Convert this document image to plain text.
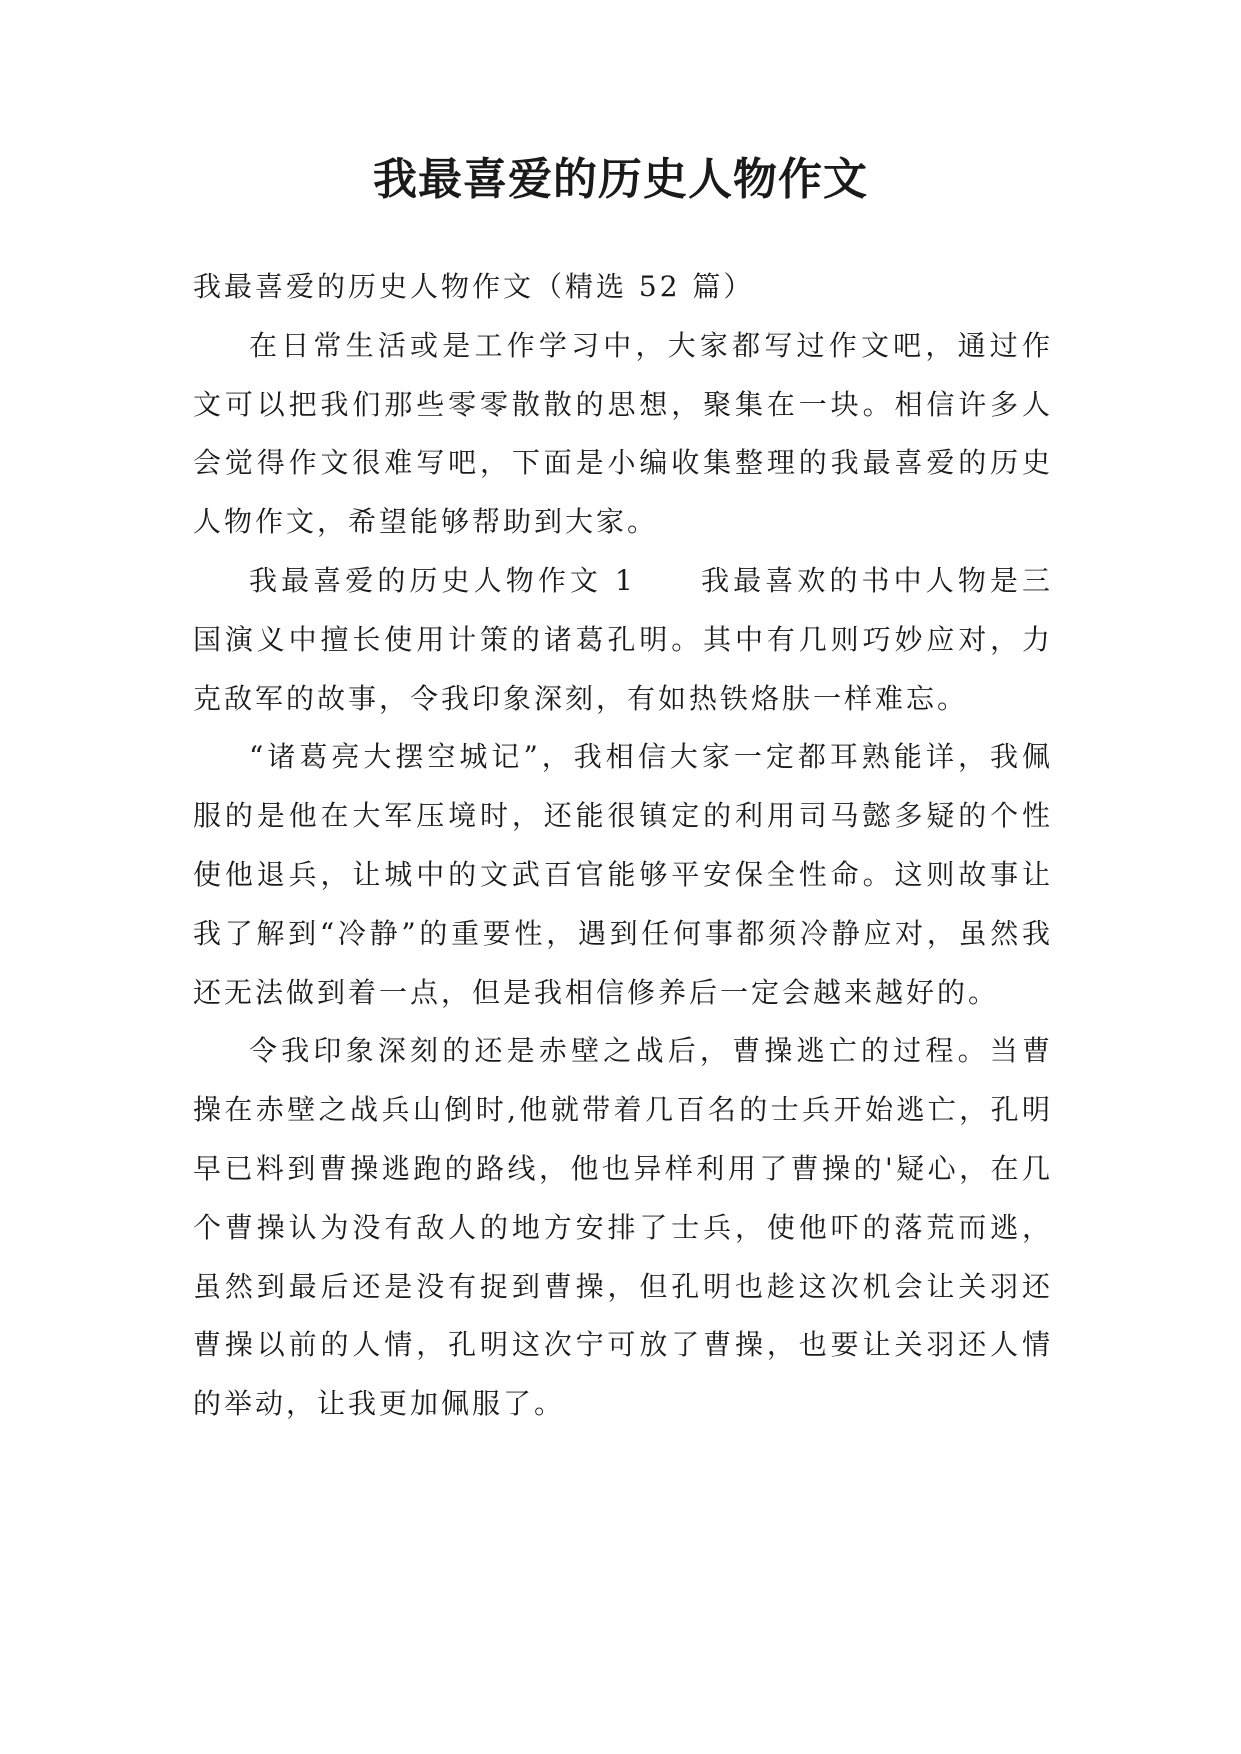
我最喜爱的历史人物作文

我最喜爱的历史人物作文（精选 52 篇）

在日常生活或是工作学习中，大家都写过作文吧，通过作文可以把我们那些零零散散的思想，聚集在一块。相信许多人会觉得作文很难写吧，下面是小编收集整理的我最喜爱的历史人物作文，希望能够帮助到大家。

我最喜爱的历史人物作文 1　　我最喜欢的书中人物是三国演义中擅长使用计策的诸葛孔明。其中有几则巧妙应对，力克敌军的故事，令我印象深刻，有如热铁烙肤一样难忘。

“诸葛亮大摆空城记”，我相信大家一定都耳熟能详，我佩服的是他在大军压境时，还能很镇定的利用司马懿多疑的个性使他退兵，让城中的文武百官能够平安保全性命。这则故事让我了解到“冷静”的重要性，遇到任何事都须冷静应对，虽然我还无法做到着一点，但是我相信修养后一定会越来越好的。

令我印象深刻的还是赤壁之战后，曹操逃亡的过程。当曹操在赤壁之战兵山倒时,他就带着几百名的士兵开始逃亡，孔明早已料到曹操逃跑的路线，他也异样利用了曹操的'疑心，在几个曹操认为没有敌人的地方安排了士兵，使他吓的落荒而逃，虽然到最后还是没有捉到曹操，但孔明也趁这次机会让关羽还曹操以前的人情，孔明这次宁可放了曹操，也要让关羽还人情的举动，让我更加佩服了。
